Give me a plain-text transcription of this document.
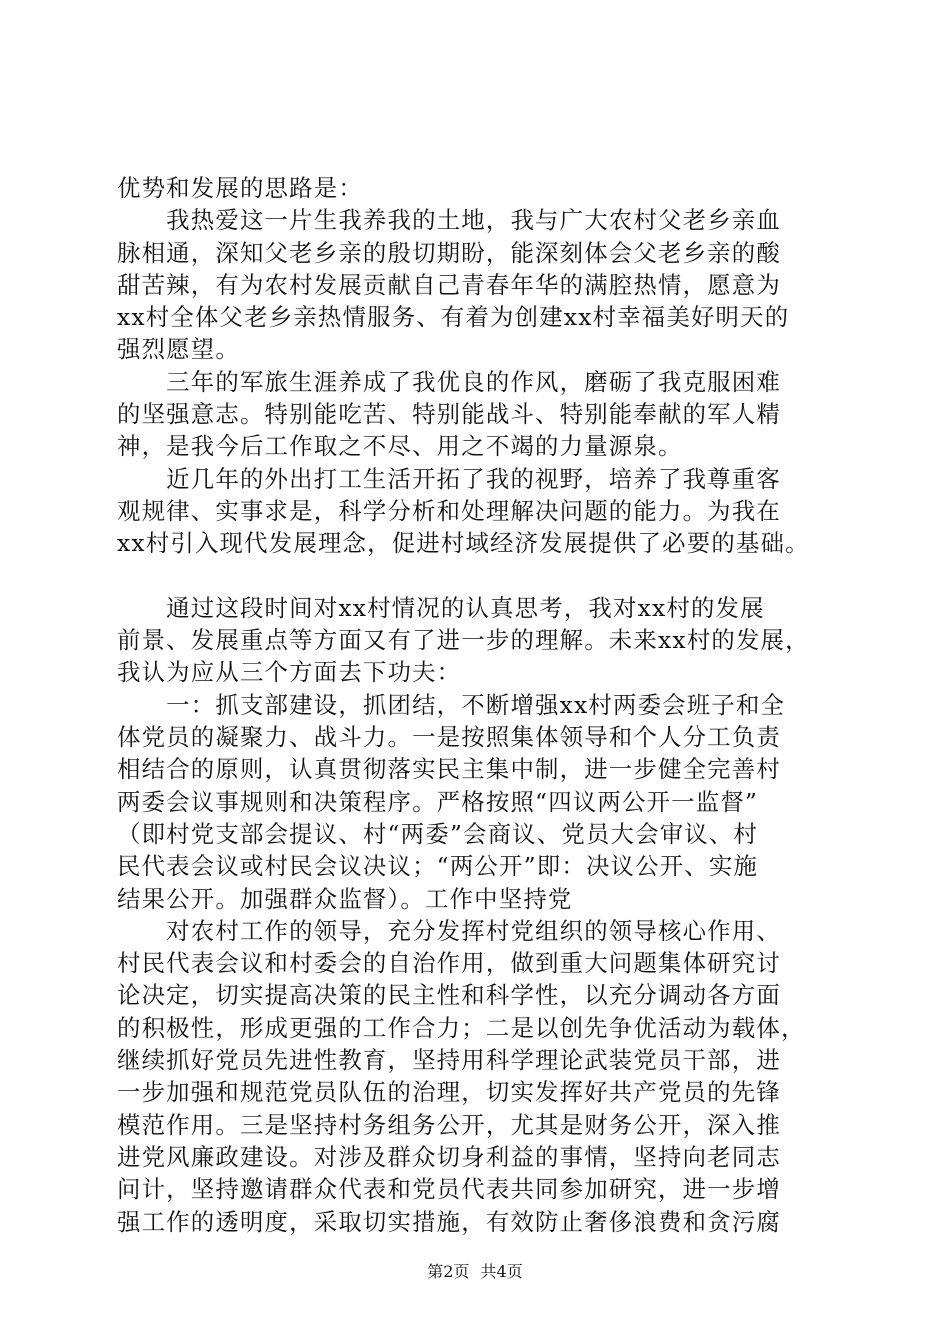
优势和发展的思路是：
　　我热爱这一片生我养我的土地，我与广大农村父老乡亲血
脉相通，深知父老乡亲的殷切期盼，能深刻体会父老乡亲的酸
甜苦辣，有为农村发展贡献自己青春年华的满腔热情，愿意为
xx村全体父老乡亲热情服务、有着为创建xx村幸福美好明天的
强烈愿望。
　　三年的军旅生涯养成了我优良的作风，磨砺了我克服困难
的坚强意志。特别能吃苦、特别能战斗、特别能奉献的军人精
神，是我今后工作取之不尽、用之不竭的力量源泉。
　　近几年的外出打工生活开拓了我的视野，培养了我尊重客
观规律、实事求是，科学分析和处理解决问题的能力。为我在
xx村引入现代发展理念，促进村域经济发展提供了必要的基础。
　　通过这段时间对xx村情况的认真思考，我对xx村的发展
前景、发展重点等方面又有了进一步的理解。未来xx村的发展，
我认为应从三个方面去下功夫：
　　一：抓支部建设，抓团结，不断增强xx村两委会班子和全
体党员的凝聚力、战斗力。一是按照集体领导和个人分工负责
相结合的原则，认真贯彻落实民主集中制，进一步健全完善村
两委会议事规则和决策程序。严格按照“四议两公开一监督”
（即村党支部会提议、村“两委”会商议、党员大会审议、村
民代表会议或村民会议决议；“两公开”即：决议公开、实施
结果公开。加强群众监督）。工作中坚持党
　　对农村工作的领导，充分发挥村党组织的领导核心作用、
村民代表会议和村委会的自治作用，做到重大问题集体研究讨
论决定，切实提高决策的民主性和科学性，以充分调动各方面
的积极性，形成更强的工作合力；二是以创先争优活动为载体，
继续抓好党员先进性教育，坚持用科学理论武装党员干部，进
一步加强和规范党员队伍的治理，切实发挥好共产党员的先锋
模范作用。三是坚持村务组务公开，尤其是财务公开，深入推
进党风廉政建设。对涉及群众切身利益的事情，坚持向老同志
问计，坚持邀请群众代表和党员代表共同参加研究，进一步增
强工作的透明度，采取切实措施，有效防止奢侈浪费和贪污腐
第2页 共4页
